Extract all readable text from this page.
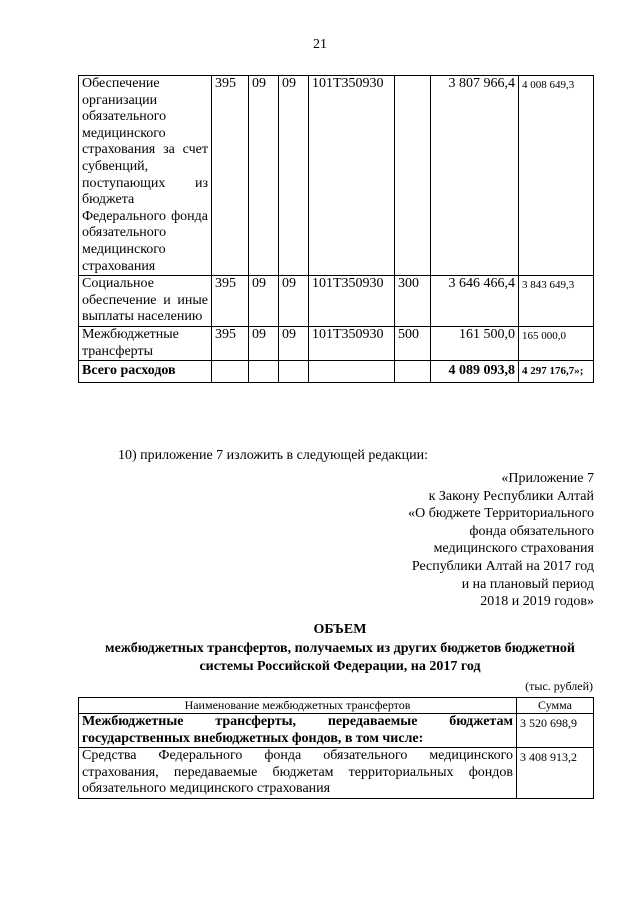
21
Обеспечение организации обязательного медицинского страхования за счет субвенций, поступающих из бюджета Федерального фонда обязательного медицинского страхования	395	09	09	101Т350930		3 807 966,4	4 008 649,3
Социальное обеспечение и иные выплаты населению	395	09	09	101Т350930	300	3 646 466,4	3 843 649,3
Межбюджетные трансферты	395	09	09	101Т350930	500	161 500,0	165 000,0
Всего расходов						4 089 093,8	4 297 176,7»;
10) приложение 7 изложить в следующей редакции:
«Приложение 7
к Закону Республики Алтай
«О бюджете Территориального
фонда обязательного
медицинского страхования
Республики Алтай на 2017 год
и на плановый период
2018 и 2019 годов»
ОБЪЕМ
межбюджетных трансфертов, получаемых из других бюджетов бюджетной
системы Российской Федерации, на 2017 год
(тыс. рублей)
Наименование межбюджетных трансфертов	Сумма
Межбюджетные трансферты, передаваемые бюджетам
государственных внебюджетных фондов, в том числе:	3 520 698,9
Средства Федерального фонда обязательного медицинского страхования, передаваемые бюджетам территориальных фондов
обязательного медицинского страхования	3 408 913,2
